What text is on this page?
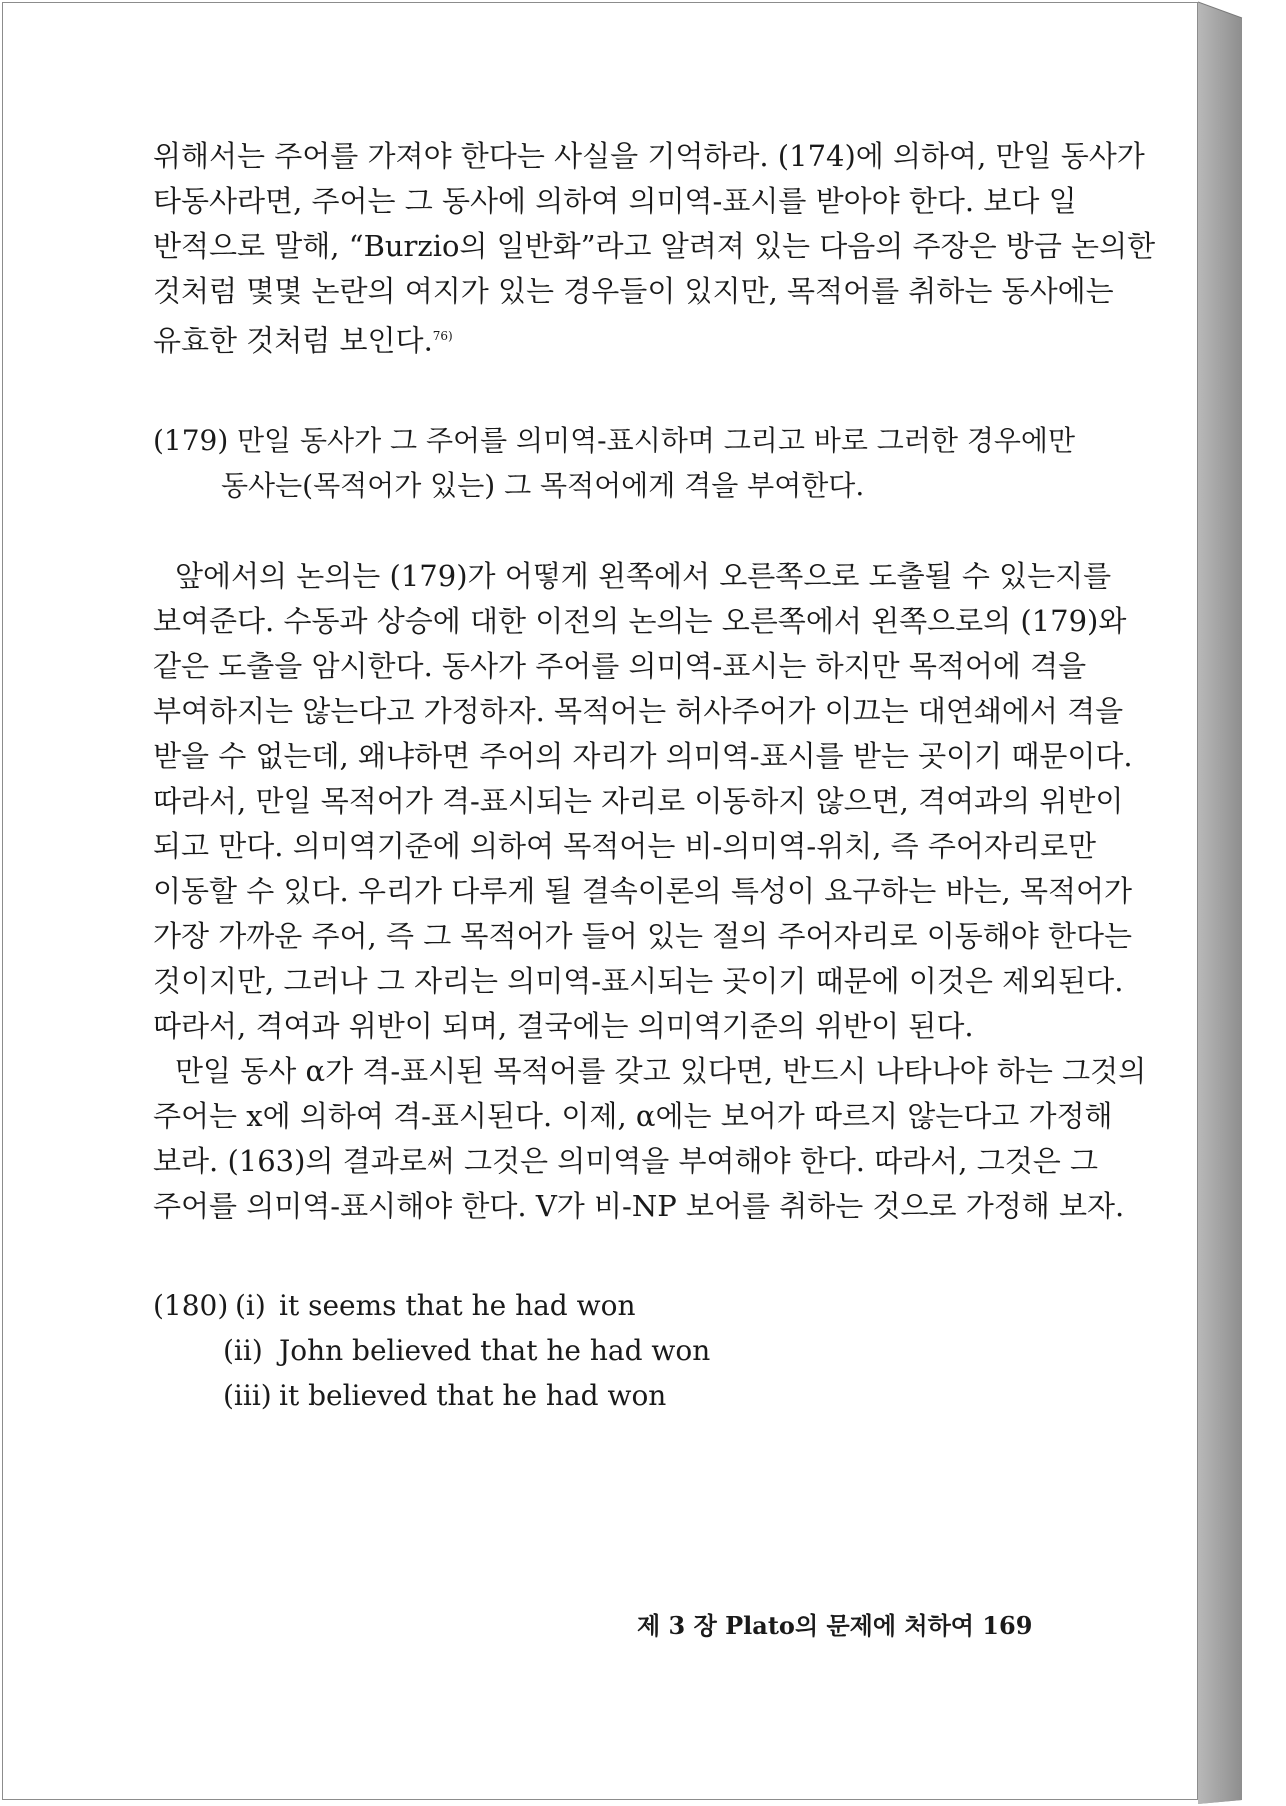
위해서는 주어를 가져야 한다는 사실을 기억하라. (174)에 의하여, 만일 동사가
타동사라면, 주어는 그 동사에 의하여 의미역-표시를 받아야 한다. 보다 일
반적으로 말해, “Burzio의 일반화”라고 알려져 있는 다음의 주장은 방금 논의한
것처럼 몇몇 논란의 여지가 있는 경우들이 있지만, 목적어를 취하는 동사에는
유효한 것처럼 보인다.$^{76)}$
(179) 만일 동사가 그 주어를 의미역-표시하며 그리고 바로 그러한 경우에만
동사는(목적어가 있는) 그 목적어에게 격을 부여한다.
앞에서의 논의는 (179)가 어떻게 왼쪽에서 오른쪽으로 도출될 수 있는지를
보여준다. 수동과 상승에 대한 이전의 논의는 오른쪽에서 왼쪽으로의 (179)와
같은 도출을 암시한다. 동사가 주어를 의미역-표시는 하지만 목적어에 격을
부여하지는 않는다고 가정하자. 목적어는 허사주어가 이끄는 대연쇄에서 격을
받을 수 없는데, 왜냐하면 주어의 자리가 의미역-표시를 받는 곳이기 때문이다.
따라서, 만일 목적어가 격-표시되는 자리로 이동하지 않으면, 격여과의 위반이
되고 만다. 의미역기준에 의하여 목적어는 비-의미역-위치, 즉 주어자리로만
이동할 수 있다. 우리가 다루게 될 결속이론의 특성이 요구하는 바는, 목적어가
가장 가까운 주어, 즉 그 목적어가 들어 있는 절의 주어자리로 이동해야 한다는
것이지만, 그러나 그 자리는 의미역-표시되는 곳이기 때문에 이것은 제외된다.
따라서, 격여과 위반이 되며, 결국에는 의미역기준의 위반이 된다.
만일 동사 α가 격-표시된 목적어를 갖고 있다면, 반드시 나타나야 하는 그것의
주어는 x에 의하여 격-표시된다. 이제, α에는 보어가 따르지 않는다고 가정해
보라. (163)의 결과로써 그것은 의미역을 부여해야 한다. 따라서, 그것은 그
주어를 의미역-표시해야 한다. V가 비-NP 보어를 취하는 것으로 가정해 보자.
(180) (i) it seems that he had won
(ii) John believed that he had won
(iii) it believed that he had won
제 3 장 Plato의 문제에 처하여 169
